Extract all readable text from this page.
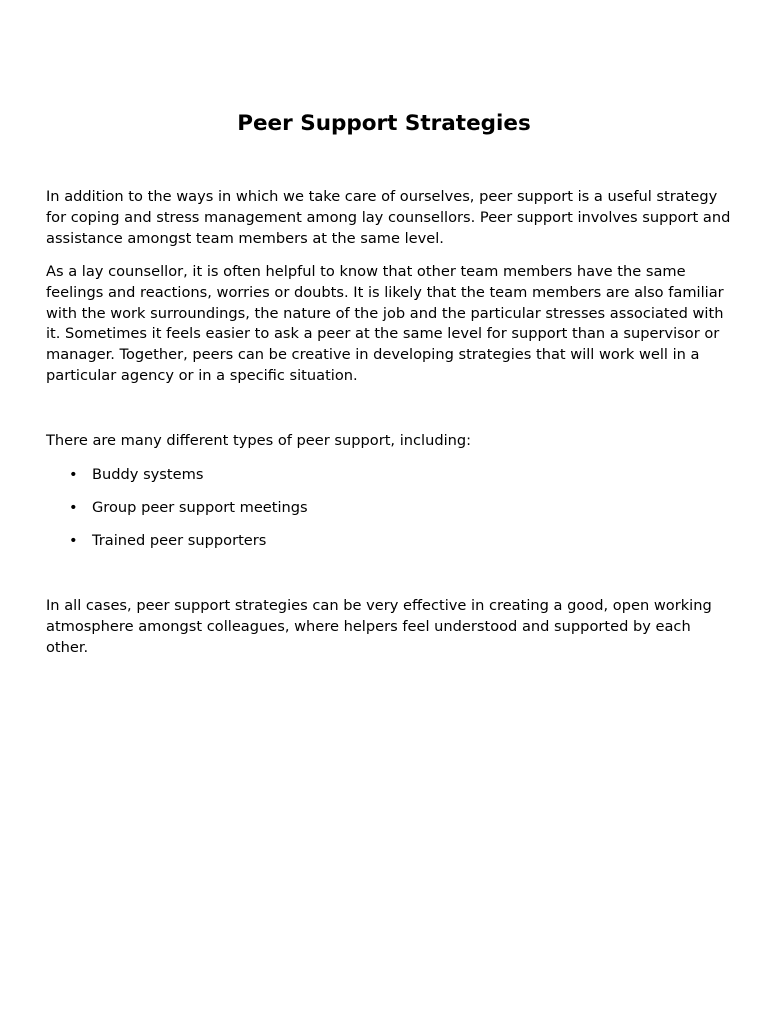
Peer Support Strategies

In addition to the ways in which we take care of ourselves, peer support is a useful strategy for coping and stress management among lay counsellors. Peer support involves support and assistance amongst team members at the same level.

As a lay counsellor, it is often helpful to know that other team members have the same feelings and reactions, worries or doubts. It is likely that the team members are also familiar with the work surroundings, the nature of the job and the particular stresses associated with it. Sometimes it feels easier to ask a peer at the same level for support than a supervisor or manager. Together, peers can be creative in developing strategies that will work well in a particular agency or in a specific situation.

There are many different types of peer support, including:

• Buddy systems
• Group peer support meetings
• Trained peer supporters

In all cases, peer support strategies can be very effective in creating a good, open working atmosphere amongst colleagues, where helpers feel understood and supported by each other.
